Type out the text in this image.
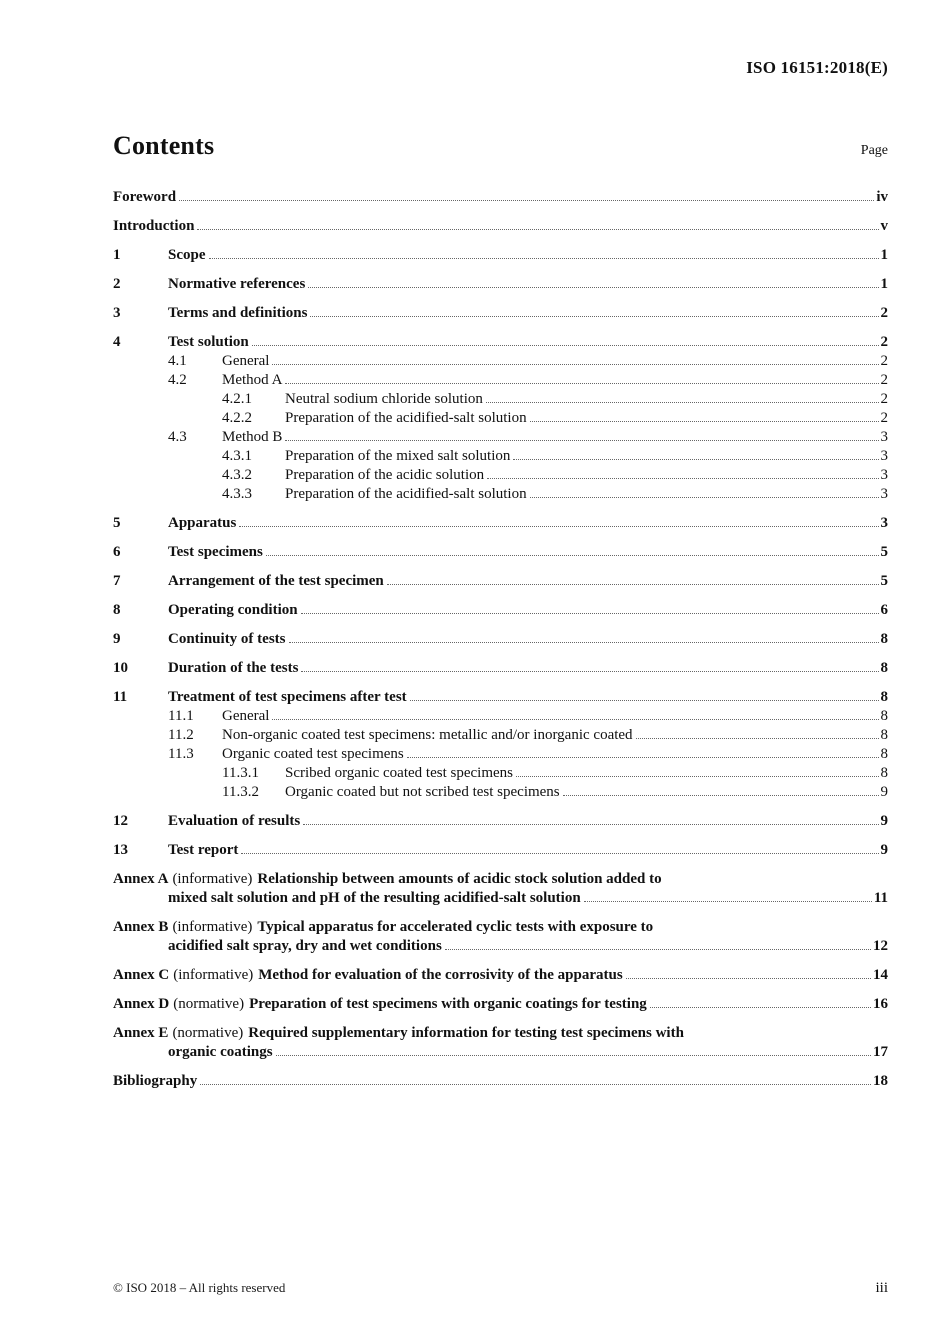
ISO 16151:2018(E)
Contents	Page
Foreword	iv
Introduction	v
1	Scope	1
2	Normative references	1
3	Terms and definitions	2
4	Test solution	2
4.1	General	2
4.2	Method A	2
4.2.1	Neutral sodium chloride solution	2
4.2.2	Preparation of the acidified-salt solution	2
4.3	Method B	3
4.3.1	Preparation of the mixed salt solution	3
4.3.2	Preparation of the acidic solution	3
4.3.3	Preparation of the acidified-salt solution	3
5	Apparatus	3
6	Test specimens	5
7	Arrangement of the test specimen	5
8	Operating condition	6
9	Continuity of tests	8
10	Duration of the tests	8
11	Treatment of test specimens after test	8
11.1	General	8
11.2	Non-organic coated test specimens: metallic and/or inorganic coated	8
11.3	Organic coated test specimens	8
11.3.1	Scribed organic coated test specimens	8
11.3.2	Organic coated but not scribed test specimens	9
12	Evaluation of results	9
13	Test report	9
Annex A (informative) Relationship between amounts of acidic stock solution added to
mixed salt solution and pH of the resulting acidified-salt solution	11
Annex B (informative) Typical apparatus for accelerated cyclic tests with exposure to
acidified salt spray, dry and wet conditions	12
Annex C (informative) Method for evaluation of the corrosivity of the apparatus	14
Annex D (normative) Preparation of test specimens with organic coatings for testing	16
Annex E (normative) Required supplementary information for testing test specimens with
organic coatings	17
Bibliography	18
© ISO 2018 – All rights reserved	iii
